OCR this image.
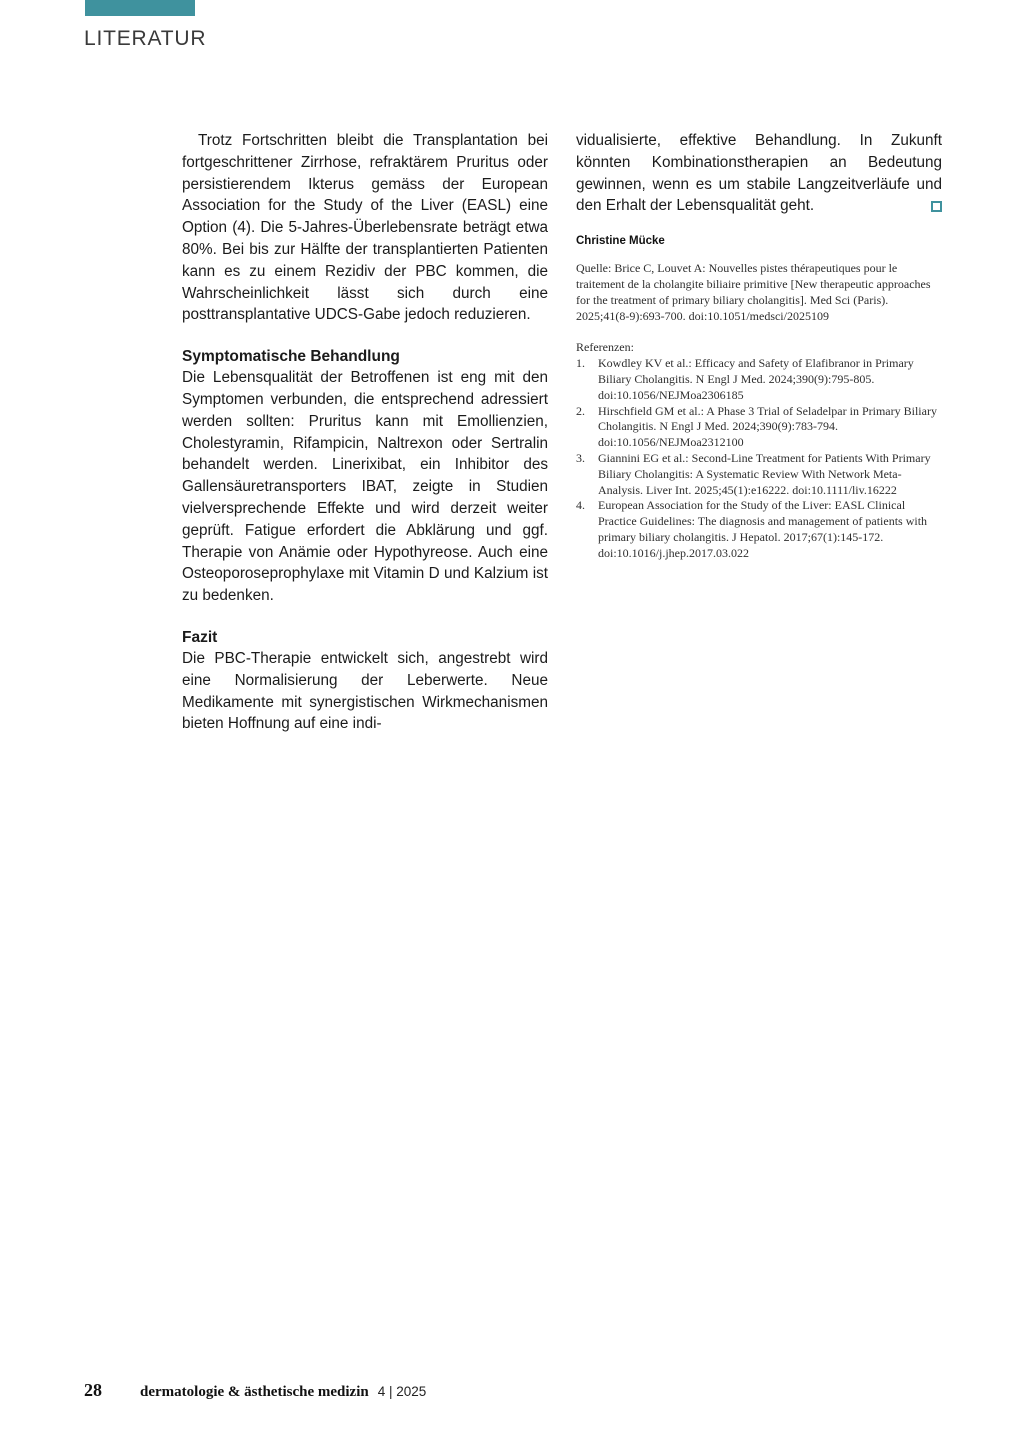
LITERATUR

Trotz Fortschritten bleibt die Transplantation bei fortgeschrittener Zirrhose, refraktärem Pruritus oder persistierendem Ikterus gemäss der European Association for the Study of the Liver (EASL) eine Option (4). Die 5-Jahres-Überlebensrate beträgt etwa 80%. Bei bis zur Hälfte der transplantierten Patienten kann es zu einem Rezidiv der PBC kommen, die Wahrscheinlichkeit lässt sich durch eine posttransplantative UDCS-Gabe jedoch reduzieren.

Symptomatische Behandlung

Die Lebensqualität der Betroffenen ist eng mit den Symptomen verbunden, die entsprechend adressiert werden sollten: Pruritus kann mit Emollienzien, Cholestyramin, Rifampicin, Naltrexon oder Sertralin behandelt werden. Linerixibat, ein Inhibitor des Gallensäuretransporters IBAT, zeigte in Studien vielversprechende Effekte und wird derzeit weiter geprüft. Fatigue erfordert die Abklärung und ggf. Therapie von Anämie oder Hypothyreose. Auch eine Osteoporoseprophylaxe mit Vitamin D und Kalzium ist zu bedenken.

Fazit

Die PBC-Therapie entwickelt sich, angestrebt wird eine Normalisierung der Leberwerte. Neue Medikamente mit synergistischen Wirkmechanismen bieten Hoffnung auf eine indi-

vidualisierte, effektive Behandlung. In Zukunft könnten Kombinationstherapien an Bedeutung gewinnen, wenn es um stabile Langzeitverläufe und den Erhalt der Lebensqualität geht.

Christine Mücke

Quelle: Brice C, Louvet A: Nouvelles pistes thérapeutiques pour le traitement de la cholangite biliaire primitive [New therapeutic approaches for the treatment of primary biliary cholangitis]. Med Sci (Paris). 2025;41(8-9):693-700. doi:10.1051/medsci/2025109

Referenzen:
1.	Kowdley KV et al.: Efficacy and Safety of Elafibranor in Primary Biliary Cholangitis. N Engl J Med. 2024;390(9):795-805. doi:10.1056/NEJMoa2306185
2.	Hirschfield GM et al.: A Phase 3 Trial of Seladelpar in Primary Biliary Cholangitis. N Engl J Med. 2024;390(9):783-794. doi:10.1056/NEJMoa2312100
3.	Giannini EG et al.: Second-Line Treatment for Patients With Primary Biliary Cholangitis: A Systematic Review With Network Meta-Analysis. Liver Int. 2025;45(1):e16222. doi:10.1111/liv.16222
4.	European Association for the Study of the Liver: EASL Clinical Practice Guidelines: The diagnosis and management of patients with primary biliary cholangitis. J Hepatol. 2017;67(1):145-172. doi:10.1016/j.jhep.2017.03.022
28	dermatologie & ästhetische medizin 4 | 2025
